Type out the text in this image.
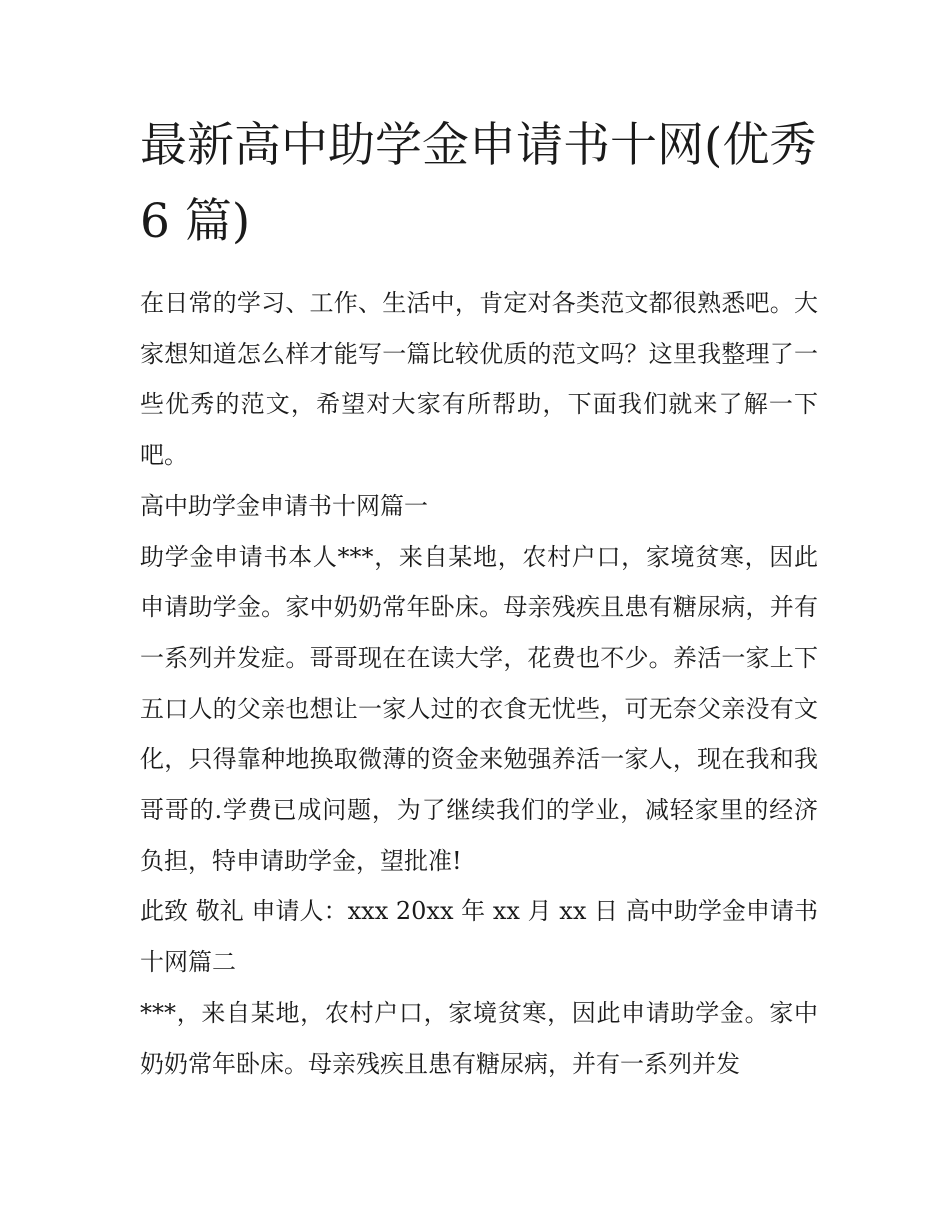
最新高中助学金申请书十网(优秀 6 篇)

在日常的学习、工作、生活中，肯定对各类范文都很熟悉吧。大家想知道怎么样才能写一篇比较优质的范文吗？这里我整理了一些优秀的范文，希望对大家有所帮助，下面我们就来了解一下吧。

高中助学金申请书十网篇一

助学金申请书本人***，来自某地，农村户口，家境贫寒，因此申请助学金。家中奶奶常年卧床。母亲残疾且患有糖尿病，并有一系列并发症。哥哥现在在读大学，花费也不少。养活一家上下五口人的父亲也想让一家人过的衣食无忧些，可无奈父亲没有文化，只得靠种地换取微薄的资金来勉强养活一家人，现在我和我哥哥的.学费已成问题，为了继续我们的学业，减轻家里的经济负担，特申请助学金，望批准!

此致 敬礼 申请人：xxx 20xx 年 xx 月 xx 日 高中助学金申请书十网篇二

***，来自某地，农村户口，家境贫寒，因此申请助学金。家中奶奶常年卧床。母亲残疾且患有糖尿病，并有一系列并发
